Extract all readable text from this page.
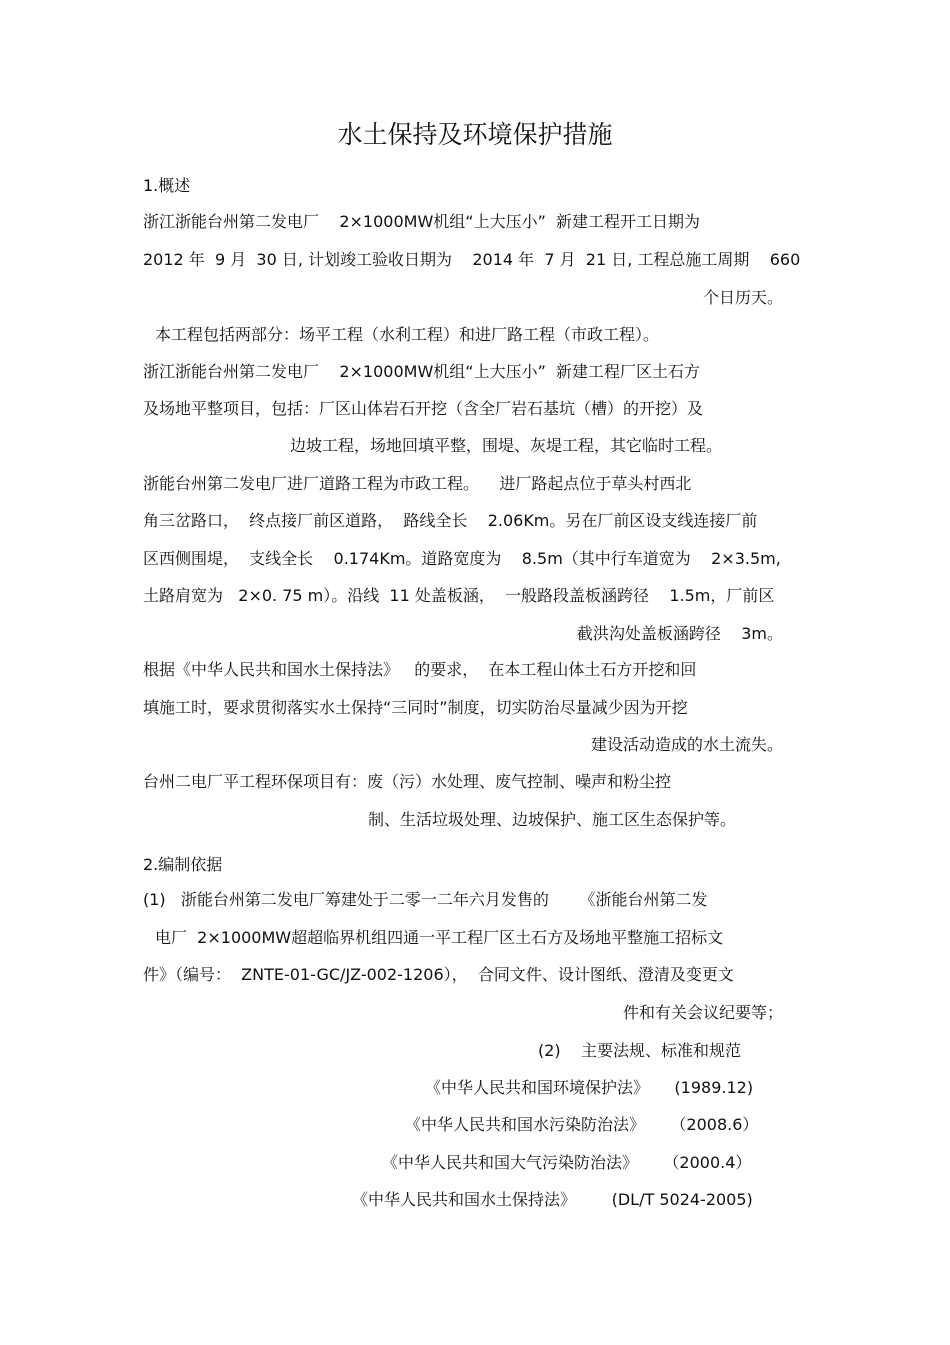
水土保持及环境保护措施
1.概述
浙江浙能台州第二发电厂    2×1000MW机组“上大压小”  新建工程开工日期为
2012 年  9 月  30 日, 计划竣工验收日期为    2014 年  7 月  21 日, 工程总施工周期    660
个日历天。
本工程包括两部分：场平工程（水利工程）和进厂路工程（市政工程）。
浙江浙能台州第二发电厂    2×1000MW机组“上大压小”  新建工程厂区土石方
及场地平整项目，包括：厂区山体岩石开挖（含全厂岩石基坑（槽）的开挖）及
边坡工程，场地回填平整，围堤、灰堤工程，其它临时工程。
浙能台州第二发电厂进厂道路工程为市政工程。    进厂路起点位于草头村西北
角三岔路口，  终点接厂前区道路，  路线全长    2.06Km。另在厂前区设支线连接厂前
区西侧围堤，  支线全长    0.174Km。道路宽度为    8.5m（其中行车道宽为    2×3.5m,
土路肩宽为   2×0. 75 m）。沿线  11 处盖板涵，  一般路段盖板涵跨径    1.5m，厂前区
截洪沟处盖板涵跨径    3m。
根据《中华人民共和国水土保持法》   的要求，  在本工程山体土石方开挖和回
填施工时，要求贯彻落实水土保持“三同时”制度，切实防治尽量减少因为开挖
建设活动造成的水土流失。
台州二电厂平工程环保项目有：废（污）水处理、废气控制、噪声和粉尘控
制、生活垃圾处理、边坡保护、施工区生态保护等。
2.编制依据
(1)   浙能台州第二发电厂筹建处于二零一二年六月发售的      《浙能台州第二发
电厂  2×1000MW超超临界机组四通一平工程厂区土石方及场地平整施工招标文
件》（编号：  ZNTE-01-GC/JZ-002-1206），  合同文件、设计图纸、澄清及变更文
件和有关会议纪要等；
(2)    主要法规、标准和规范
《中华人民共和国环境保护法》     (1989.12)
《中华人民共和国水污染防治法》     （2008.6）
《中华人民共和国大气污染防治法》     （2000.4）
《中华人民共和国水土保持法》       (DL/T 5024-2005)
